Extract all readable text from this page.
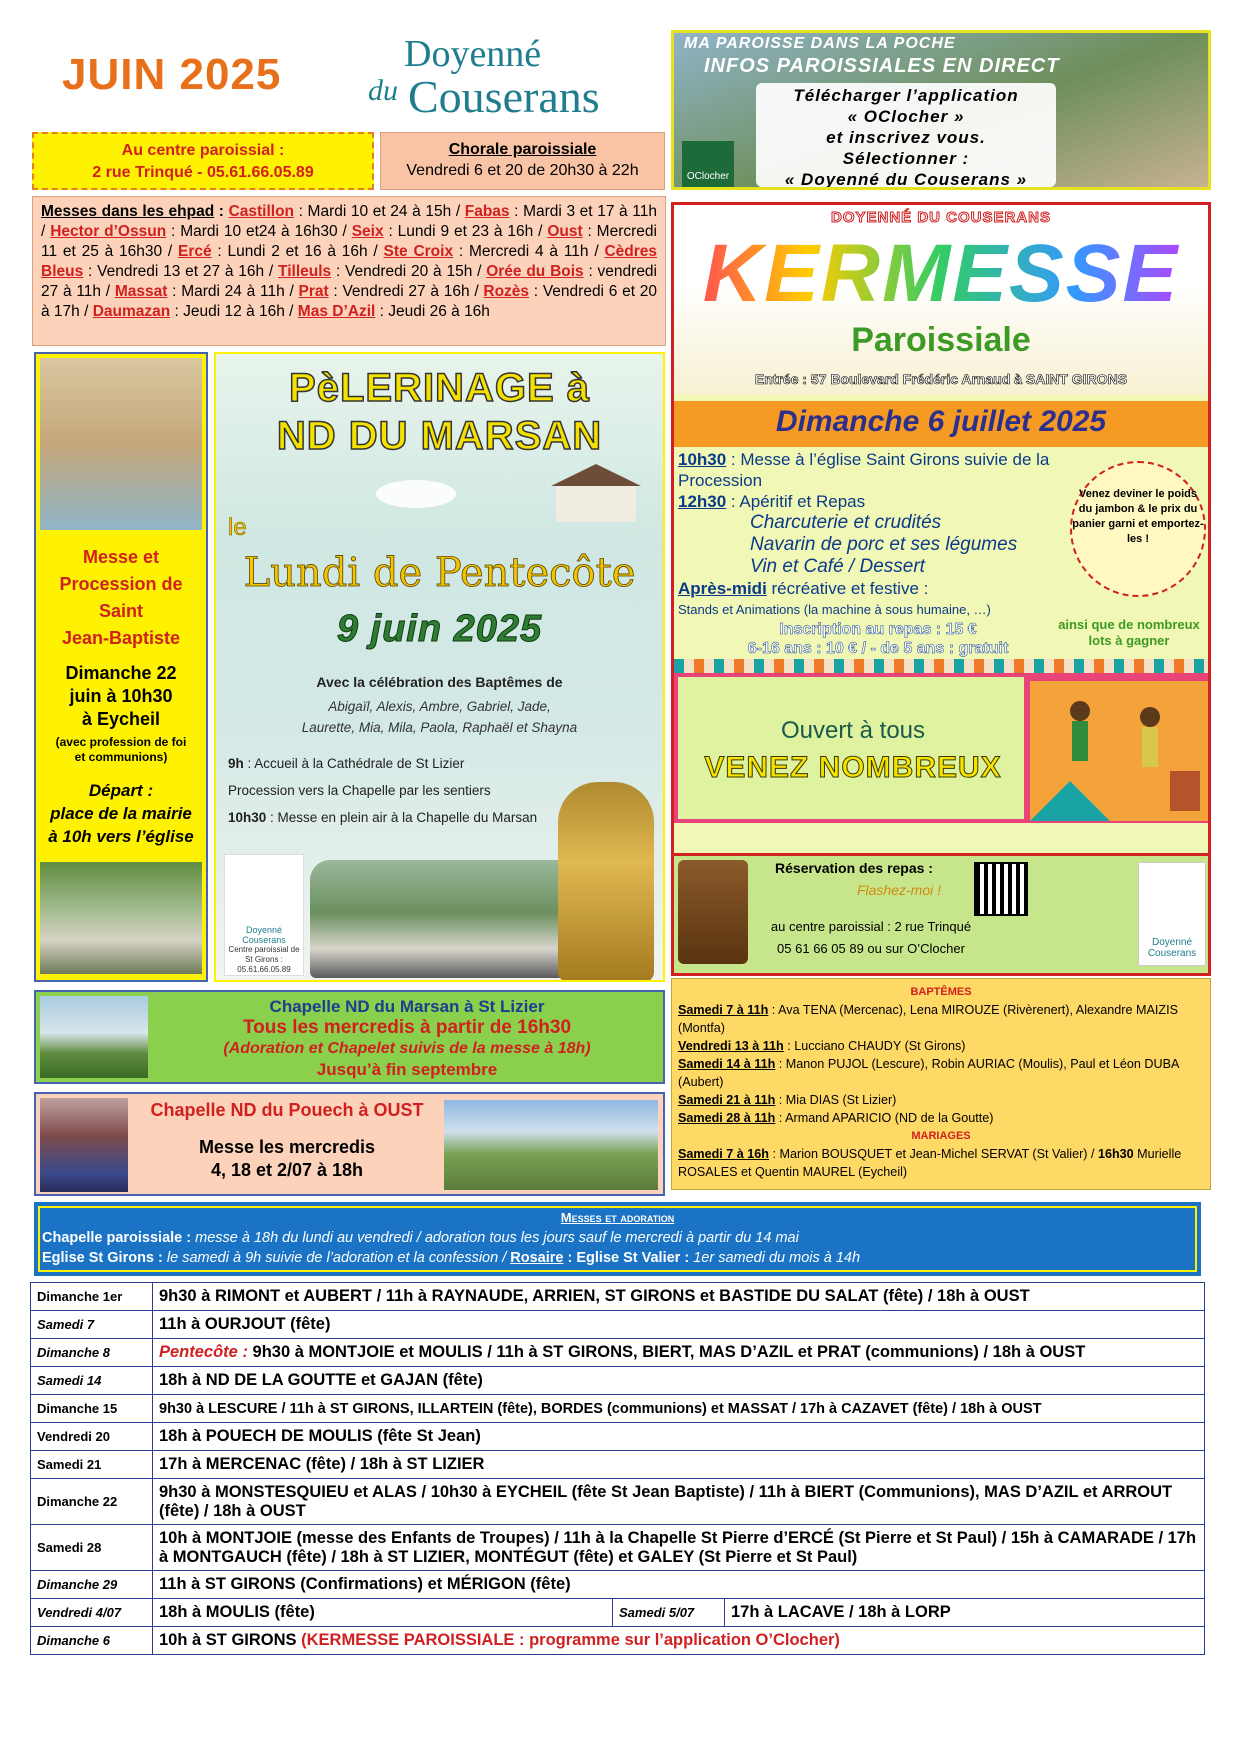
JUIN 2025	Doyenné
du Couserans
MA PAROISSE DANS LA POCHE
INFOS PAROISSIALES EN DIRECT
Télécharger l’application
« OClocher »
et inscrivez vous.
Sélectionner :
« Doyenné du Couserans »
OClocher
Au centre paroissial :
2 rue Trinqué - 05.61.66.05.89
Chorale paroissiale
Vendredi 6 et 20 de 20h30 à 22h
Messes dans les ehpad : Castillon : Mardi 10 et 24 à 15h / Fabas : Mardi 3 et 17 à 11h / Hector d’Ossun : Mardi 10 et24 à 16h30 / Seix : Lundi 9 et 23 à 16h / Oust : Mercredi 11 et 25 à 16h30 / Ercé : Lundi 2 et 16 à 16h / Ste Croix : Mercredi 4 à 11h / Cèdres Bleus : Vendredi 13 et 27 à 16h / Tilleuls : Vendredi 20 à 15h / Orée du Bois : vendredi 27 à 11h / Massat : Mardi 24 à 11h / Prat : Vendredi 27 à 16h / Rozès : Vendredi 6 et 20 à 17h / Daumazan : Jeudi 12 à 16h / Mas D’Azil : Jeudi 26 à 16h
DOYENNÉ DU COUSERANS
KERMESSE
Paroissiale
Entrée : 57 Boulevard Frédéric Arnaud à SAINT GIRONS
Dimanche 6 juillet 2025
10h30 : Messe à l’église Saint Girons suivie de la Procession
12h30 : Apéritif et Repas
Charcuterie et crudités
Navarin de porc et ses légumes
Vin et Café / Dessert
Après-midi récréative et festive :
Stands et Animations (la machine à sous humaine, …)
Inscription au repas : 15 €
6-16 ans : 10 € / - de 5 ans : gratuit
Venez deviner le poids du jambon & le prix du panier garni et emportez-les !
ainsi que de nombreux lots à gagner
Ouvert à tous
VENEZ NOMBREUX
Réservation des repas :
Flashez-moi !
au centre paroissial : 2 rue Trinqué
05 61 66 05 89 ou sur O’Clocher	Doyenné
Couserans
Messe et
Procession de
Saint
Jean-Baptiste
Dimanche 22
juin à 10h30
à Eycheil
(avec profession de foi
et communions)
Départ :
place de la mairie
à 10h vers l’église
PèLERINAGE à
ND DU MARSAN
le
Lundi de Pentecôte
9 juin 2025
Avec la célébration des Baptêmes de
Abigaïl, Alexis, Ambre, Gabriel, Jade,
Laurette, Mia, Mila, Paola, Raphaël et Shayna
9h : Accueil à la Cathédrale de St Lizier
Procession vers la Chapelle par les sentiers
10h30 : Messe en plein air à la Chapelle du Marsan
Doyenné
Couserans
Centre paroissial de St Girons :
05.61.66.05.89
BAPTÊMES
Samedi 7 à 11h : Ava TENA (Mercenac), Lena MIROUZE (Rivèrenert), Alexandre MAIZIS (Montfa)
Vendredi 13 à 11h : Lucciano CHAUDY (St Girons)
Samedi 14 à 11h : Manon PUJOL (Lescure), Robin AURIAC (Moulis), Paul et Léon DUBA (Aubert)
Samedi 21 à 11h : Mia DIAS (St Lizier)
Samedi 28 à 11h : Armand APARICIO (ND de la Goutte)
MARIAGES
Samedi 7 à 16h : Marion BOUSQUET et Jean-Michel SERVAT (St Valier) / 16h30 Murielle ROSALES et Quentin MAUREL (Eycheil)
Chapelle ND du Marsan à St Lizier
Tous les mercredis à partir de 16h30
(Adoration et Chapelet suivis de la messe à 18h)
Jusqu’à fin septembre
Chapelle ND du Pouech à OUST
Messe les mercredis
4, 18 et 2/07 à 18h
Messes et adoration
Chapelle paroissiale : messe à 18h du lundi au vendredi / adoration tous les jours sauf le mercredi à partir du 14 mai
Eglise St Girons : le samedi à 9h suivie de l’adoration et la confession / Rosaire : Eglise St Valier : 1er samedi du mois à 14h
Dimanche 1er	9h30 à RIMONT et AUBERT / 11h à RAYNAUDE, ARRIEN, ST GIRONS et BASTIDE DU SALAT (fête) / 18h à OUST		
Samedi 7	11h à OURJOUT (fête)		
Dimanche 8	Pentecôte : 9h30 à MONTJOIE et MOULIS / 11h à ST GIRONS, BIERT, MAS D’AZIL et PRAT (communions) / 18h à OUST		
Samedi 14	18h à ND DE LA GOUTTE et GAJAN (fête)		
Dimanche 15	9h30 à LESCURE / 11h à ST GIRONS, ILLARTEIN (fête), BORDES (communions) et MASSAT / 17h à CAZAVET (fête) / 18h à OUST		
Vendredi 20	18h à POUECH DE MOULIS (fête St Jean)		
Samedi 21	17h à MERCENAC (fête) / 18h à ST LIZIER		
Dimanche 22	9h30 à MONSTESQUIEU et ALAS / 10h30 à EYCHEIL (fête St Jean Baptiste) / 11h à BIERT (Communions), MAS D’AZIL et ARROUT (fête) / 18h à OUST		
Samedi 28	10h à MONTJOIE (messe des Enfants de Troupes) / 11h à la Chapelle St Pierre d’ERCÉ (St Pierre et St Paul) / 15h à CAMARADE / 17h à MONTGAUCH (fête) / 18h à ST LIZIER, MONTÉGUT (fête) et GALEY (St Pierre et St Paul)		
Dimanche 29	11h à ST GIRONS (Confirmations) et MÉRIGON (fête)		
Vendredi 4/07	18h à MOULIS (fête)	Samedi 5/07	17h à LACAVE / 18h à LORP
Dimanche 6	10h à ST GIRONS (KERMESSE PAROISSIALE : programme sur l’application O’Clocher)		
